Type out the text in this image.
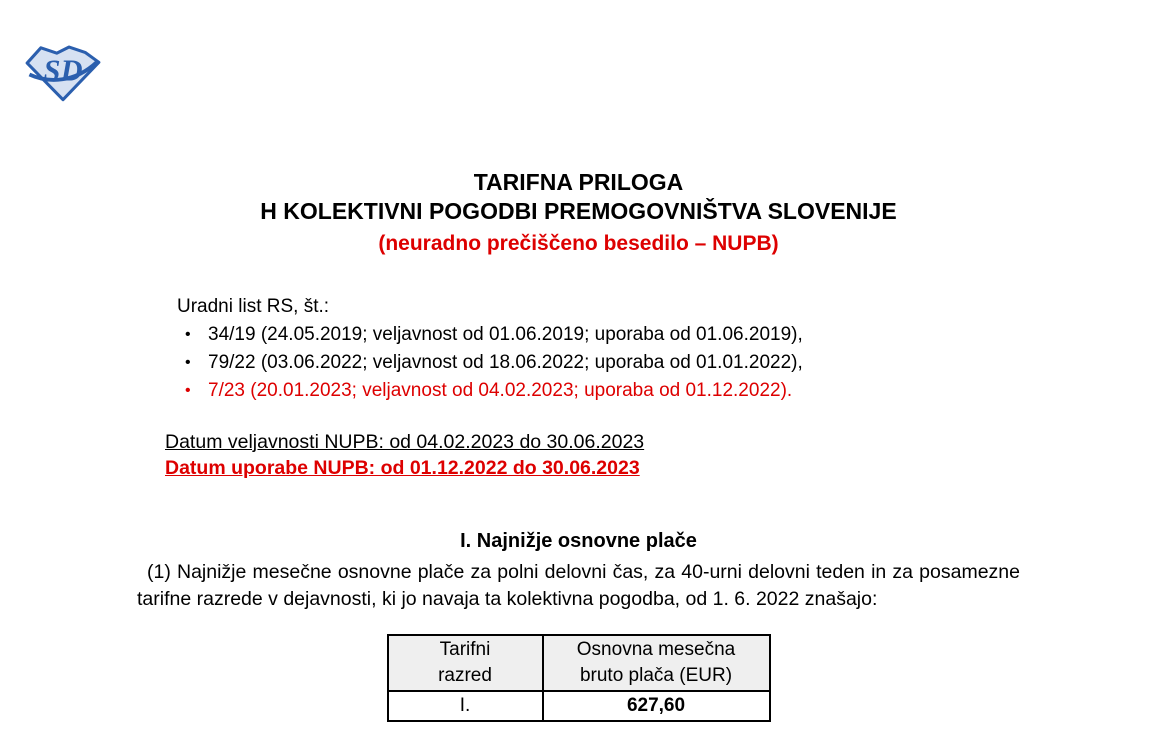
SD
TARIFNA PRILOGA
H KOLEKTIVNI POGODBI PREMOGOVNIŠTVA SLOVENIJE
(neuradno prečiščeno besedilo – NUPB)
Uradni list RS, št.:
• 34/19 (24.05.2019; veljavnost od 01.06.2019; uporaba od 01.06.2019),
• 79/22 (03.06.2022; veljavnost od 18.06.2022; uporaba od 01.01.2022),
• 7/23 (20.01.2023; veljavnost od 04.02.2023; uporaba od 01.12.2022).
Datum veljavnosti NUPB: od 04.02.2023 do 30.06.2023
Datum uporabe NUPB: od 01.12.2022 do 30.06.2023
I. Najnižje osnovne plače

(1) Najnižje mesečne osnovne plače za polni delovni čas, za 40-urni delovni teden in za posamezne tarifne razrede v dejavnosti, ki jo navaja ta kolektivna pogodba, od 1. 6. 2022 znašajo:

Tarifni
razred

Osnovna mesečna
bruto plača (EUR)

I.	627,60
